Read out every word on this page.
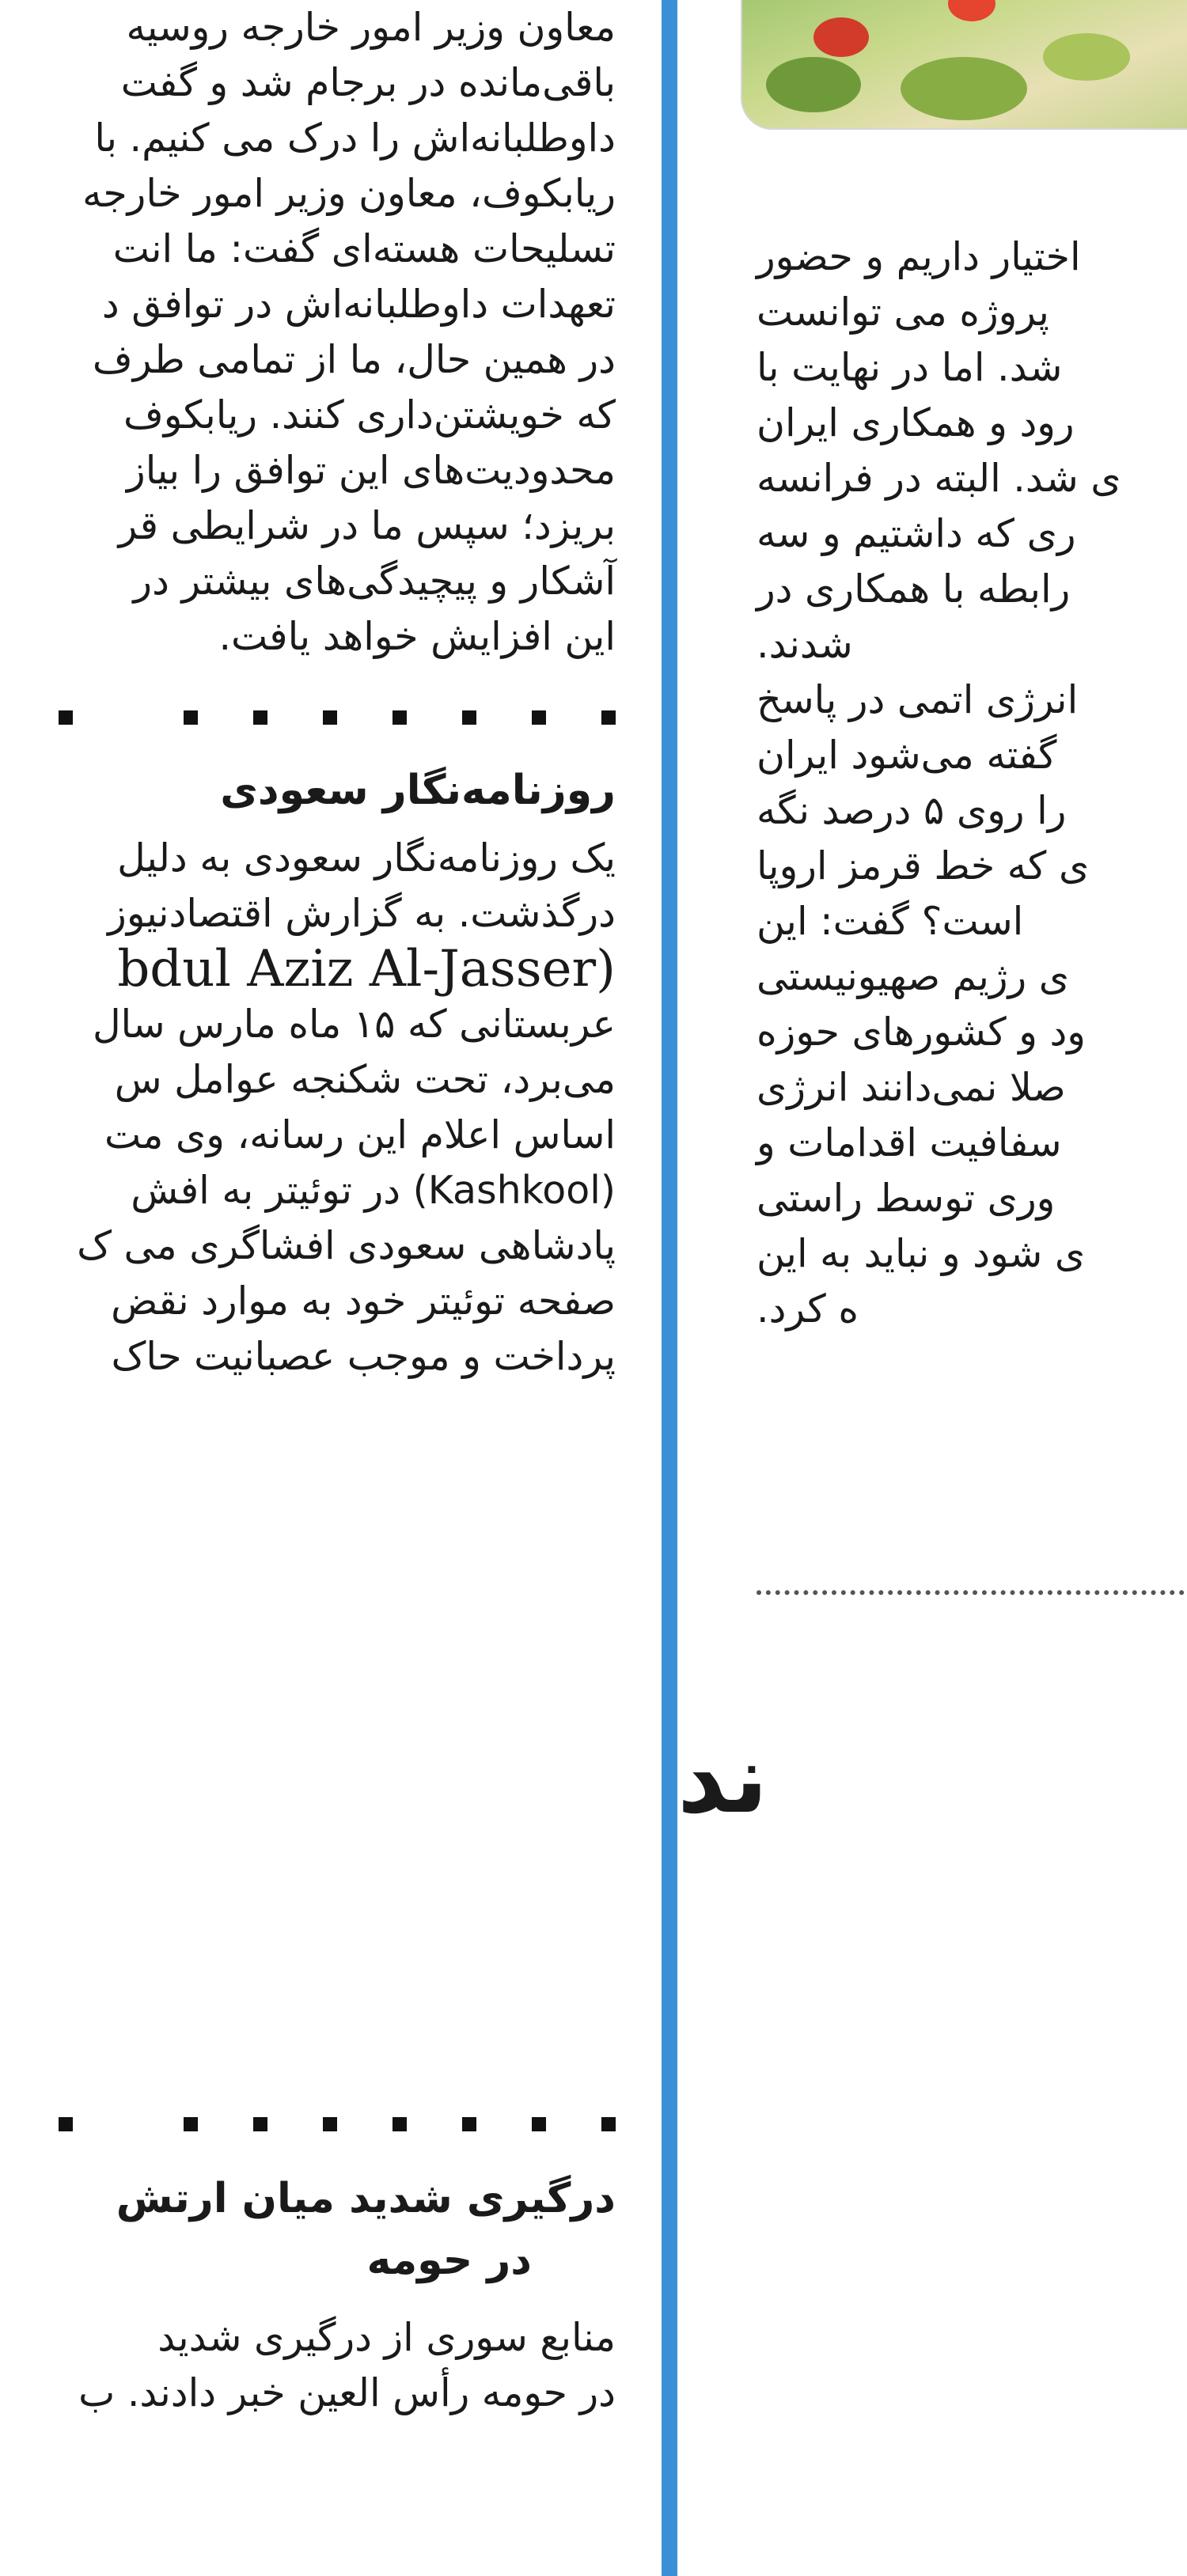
معاون وزیر امور خارجه روسیه

باقی‌مانده در برجام شد و گفت

داوطلبانه‌اش را درک می کنیم. با

ریابکوف، معاون وزیر امور خارجه

تسلیحات هسته‌ای گفت: ما انت

تعهدات داوطلبانه‌اش در توافق د

در همین حال، ما از تمامی طرف

که خویشتن‌داری کنند. ریابکوف

محدودیت‌های این توافق را بیاز

بریزد؛ سپس ما در شرایطی قر

آشکار و پیچیدگی‌های بیشتر در

این افزایش خواهد یافت.

روزنامه‌نگار سعودی

یک روزنامه‌نگار سعودی به دلیل

درگذشت. به گزارش اقتصادنیوز

bdul Aziz Al-Jasser)

عربستانی که ۱۵ ماه مارس سال

می‌برد، تحت شکنجه عوامل س

اساس اعلام این رسانه، وی مت

(Kashkool) در توئیتر به افش

پادشاهی سعودی افشاگری می ک

صفحه توئیتر خود به موارد نقض

پرداخت و موجب عصبانیت حاک

درگیری شدید میان ارتش
در حومه

منابع سوری از درگیری شدید

در حومه رأس العین خبر دادند. ب

اختیار داریم و حضور

پروژه می توانست

شد. اما در نهایت با

رود و همکاری ایران

ی شد. البته در فرانسه

ری که داشتیم و سه

رابطه با همکاری در

شدند.

انرژی اتمی در پاسخ

گفته می‌شود ایران

را روی ۵ درصد نگه

ی که خط قرمز اروپا

است؟ گفت: این

ی رژیم صهیونیستی

ود و کشورهای حوزه

صلا نمی‌دانند انرژی

سفافیت اقدامات و

وری توسط راستی

ی شود و نباید به این

ه کرد.

ند
